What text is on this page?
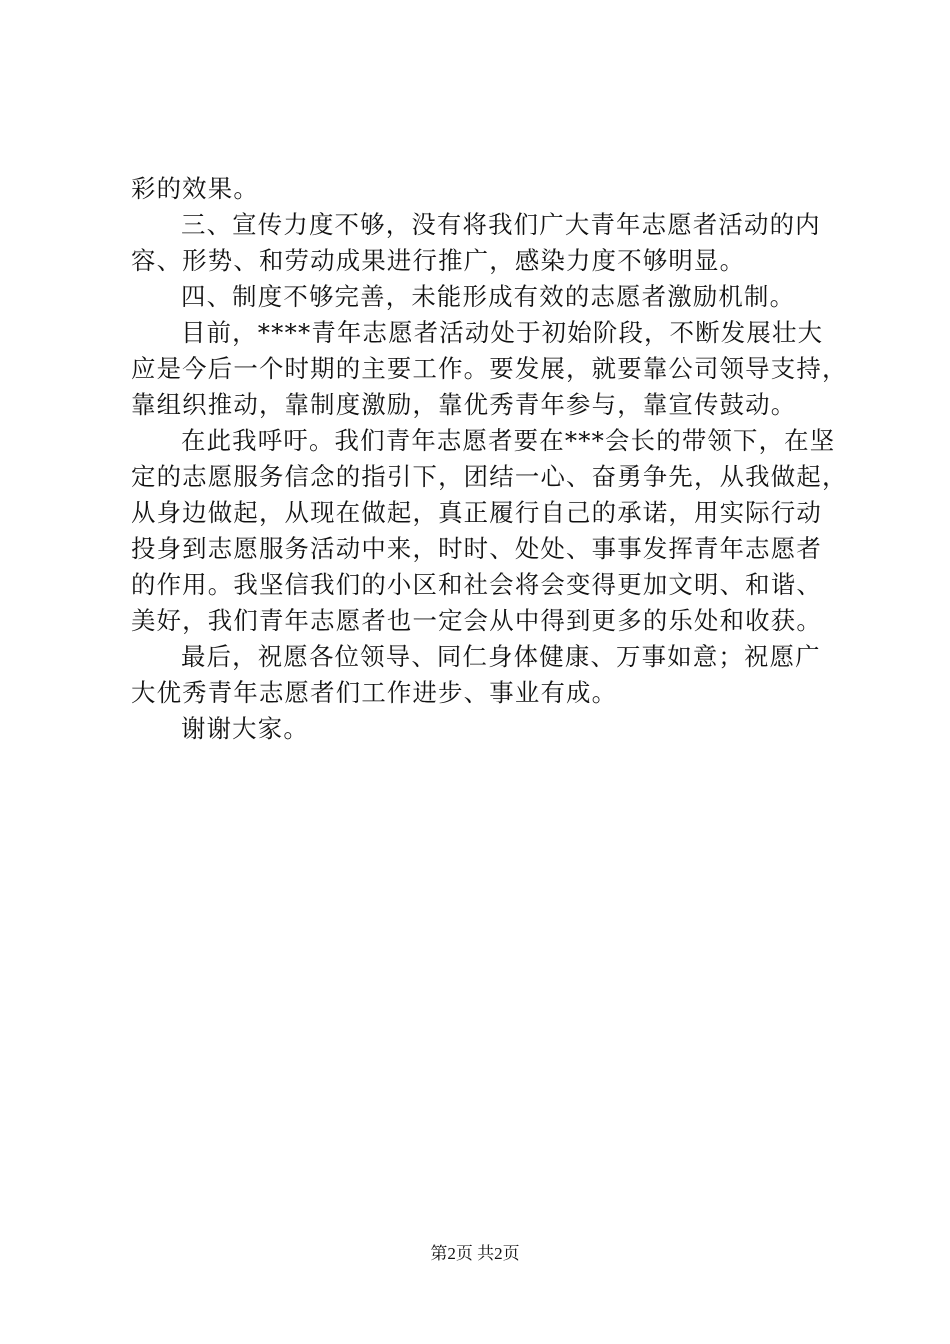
彩的效果。

三、宣传力度不够，没有将我们广大青年志愿者活动的内
容、形势、和劳动成果进行推广，感染力度不够明显。

四、制度不够完善，未能形成有效的志愿者激励机制。

目前，****青年志愿者活动处于初始阶段，不断发展壮大
应是今后一个时期的主要工作。要发展，就要靠公司领导支持，
靠组织推动，靠制度激励，靠优秀青年参与，靠宣传鼓动。

在此我呼吁。我们青年志愿者要在***会长的带领下，在坚
定的志愿服务信念的指引下，团结一心、奋勇争先，从我做起，
从身边做起，从现在做起，真正履行自己的承诺，用实际行动
投身到志愿服务活动中来，时时、处处、事事发挥青年志愿者
的作用。我坚信我们的小区和社会将会变得更加文明、和谐、
美好，我们青年志愿者也一定会从中得到更多的乐处和收获。

最后，祝愿各位领导、同仁身体健康、万事如意；祝愿广
大优秀青年志愿者们工作进步、事业有成。

谢谢大家。

第2页 共2页
